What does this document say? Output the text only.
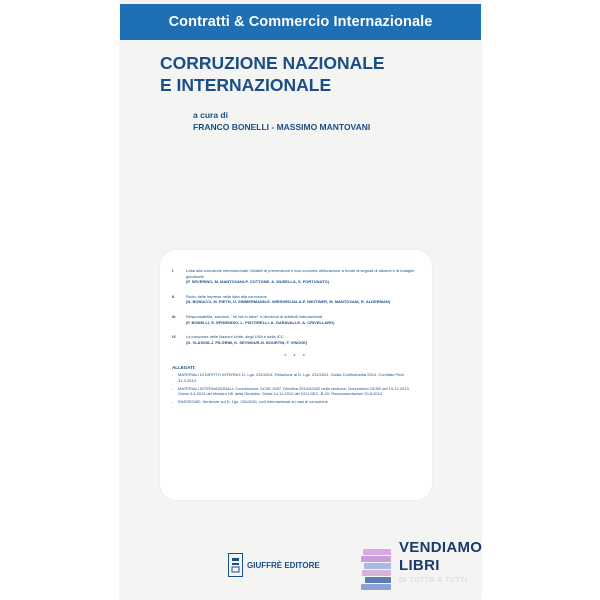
Contratti & Commercio Internazionale
CORRUZIONE NAZIONALE
E INTERNAZIONALE
a cura di
FRANCO BONELLI - MASSIMO MANTOVANI
I.	Lotta alla corruzione internazionale: Modelli di prevenzione e loro concreta utilizzazione a fronte di segnali di allarme e di indagini giudiziarie
(P. SEVERINO, M. MANTOVANI-P. COTTONE, A. MUSELLA, S. FORTUNATO)
II.	Ruolo delle imprese nella lotta alla corruzione
(N. BONUCCI, M. PIETH, U. ZIMMERMANN-E. WIRSHEDJALA-P. NIKITINER, M. MANTOVANI, R. ALDERMAN)
III. Responsabilità, sanzioni, "ne bis in idem" e decisioni di arbitrati internazionali
(F. BONELLI, E. EPIDENDIO, L. PISTORELLI, A. GARAVALLE, A. CRIVELLARO)
IV. La posizione delle Nazioni Unite, degli USA e della ICC
(D. VLASSIS-J. PILGRIM, K. SEYMOUR-N. BOURTIN, F. VINCKE)
* * *
ALLEGATI:
- MATERIALI DI DIRITTO INTERNO: D. Lgs. 231/2001, Relazione al D. Lgs. 231/2001, Guida Confindustria 2014, Comitato Pirdi 31.3.2014
- MATERIALI INTERNAZIONALI: Convenzione OCSE 1997, Direttiva 2014/42/UE nella versione, Documento OCSE del 19.12.2013, Guida 3.4.2013 del Ministro UK della Giustizia, Guida 14.11.2012 del DOJ-SEC, B-20: Raccomandazioni 20.8.2013
- RASSEGNE: Sentenze sul D. Lgs. 231/2001, lodi internazionali su casi di corruzione
GIUFFRÈ EDITORE
VENDIAMO
LIBRI
DI TUTTO A TUTTI
